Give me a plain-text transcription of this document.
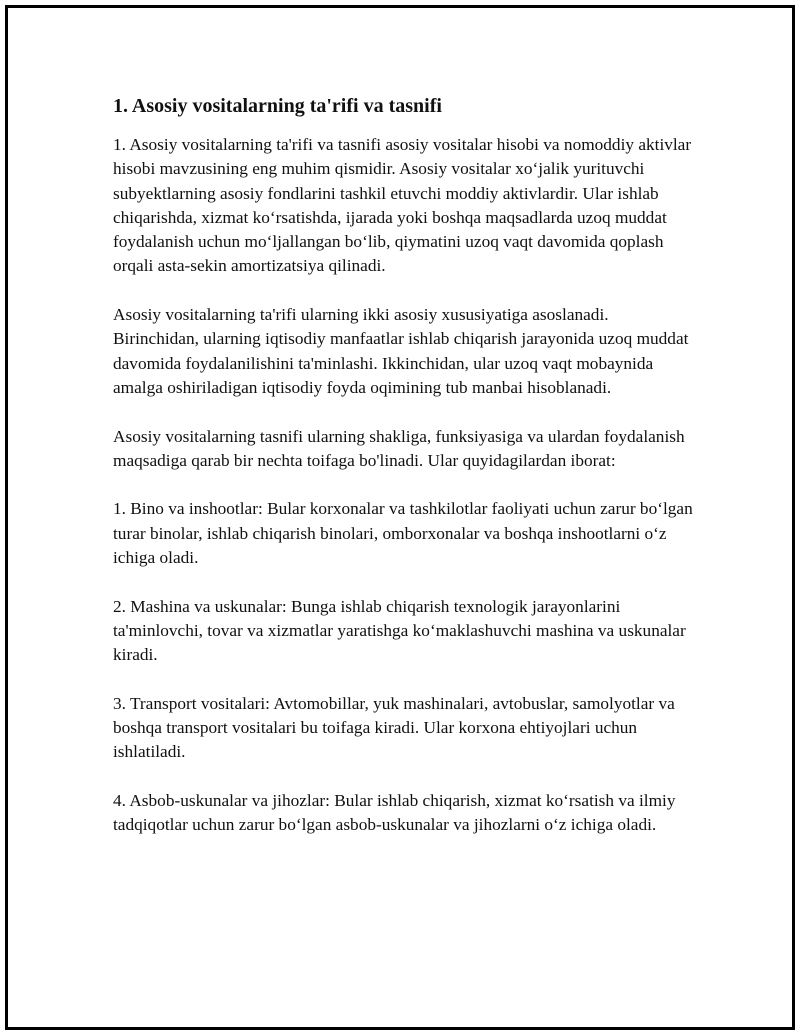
1. Asosiy vositalarning ta'rifi va tasnifi

1. Asosiy vositalarning ta'rifi va tasnifi asosiy vositalar hisobi va nomoddiy aktivlar hisobi mavzusining eng muhim qismidir. Asosiy vositalar xo‘jalik yurituvchi subyektlarning asosiy fondlarini tashkil etuvchi moddiy aktivlardir. Ular ishlab chiqarishda, xizmat ko‘rsatishda, ijarada yoki boshqa maqsadlarda uzoq muddat foydalanish uchun mo‘ljallangan bo‘lib, qiymatini uzoq vaqt davomida qoplash orqali asta-sekin amortizatsiya qilinadi.

Asosiy vositalarning ta'rifi ularning ikki asosiy xususiyatiga asoslanadi. Birinchidan, ularning iqtisodiy manfaatlar ishlab chiqarish jarayonida uzoq muddat davomida foydalanilishini ta'minlashi. Ikkinchidan, ular uzoq vaqt mobaynida amalga oshiriladigan iqtisodiy foyda oqimining tub manbai hisoblanadi.

Asosiy vositalarning tasnifi ularning shakliga, funksiyasiga va ulardan foydalanish maqsadiga qarab bir nechta toifaga bo'linadi. Ular quyidagilardan iborat:

1. Bino va inshootlar: Bular korxonalar va tashkilotlar faoliyati uchun zarur bo‘lgan turar binolar, ishlab chiqarish binolari, omborxonalar va boshqa inshootlarni o‘z ichiga oladi.

2. Mashina va uskunalar: Bunga ishlab chiqarish texnologik jarayonlarini ta'minlovchi, tovar va xizmatlar yaratishga ko‘maklashuvchi mashina va uskunalar kiradi.

3. Transport vositalari: Avtomobillar, yuk mashinalari, avtobuslar, samolyotlar va boshqa transport vositalari bu toifaga kiradi. Ular korxona ehtiyojlari uchun ishlatiladi.

4. Asbob-uskunalar va jihozlar: Bular ishlab chiqarish, xizmat ko‘rsatish va ilmiy tadqiqotlar uchun zarur bo‘lgan asbob-uskunalar va jihozlarni o‘z ichiga oladi.
